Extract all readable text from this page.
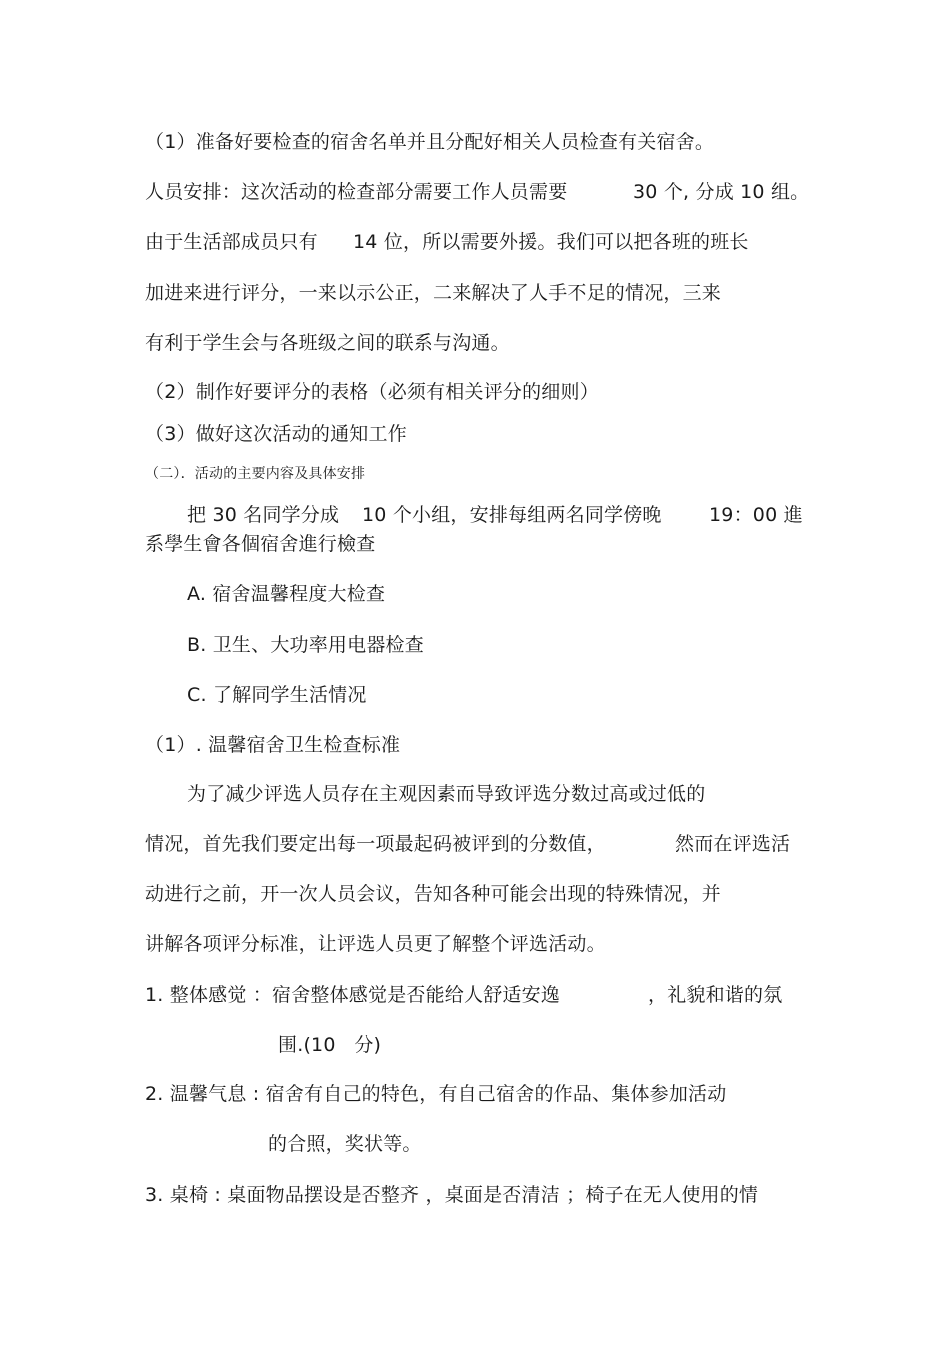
（1）准备好要检查的宿舍名单并且分配好相关人员检查有关宿舍。
人员安排：这次活动的检查部分需要工作人员需要	30 个, 分成 10 组。
由于生活部成员只有 14 位，所以需要外援。我们可以把各班的班长
加进来进行评分，一来以示公正，二来解决了人手不足的情况，三来
有利于学生会与各班级之间的联系与沟通。
（2）制作好要评分的表格（必须有相关评分的细则）
（3）做好这次活动的通知工作
（二）．活动的主要内容及具体安排
把 30 名同学分成 10 个小组，安排每组两名同学傍晚 19：00 進
系學生會各個宿舍進行檢查
A. 宿舍温馨程度大检查
B. 卫生、大功率用电器检查
C. 了解同学生活情况
（1）. 温馨宿舍卫生检查标准
为了减少评选人员存在主观因素而导致评选分数过高或过低的
情况，首先我们要定出每一项最起码被评到的分数值，	然而在评选活
动进行之前，开一次人员会议，告知各种可能会出现的特殊情况，并
讲解各项评分标准，让评选人员更了解整个评选活动。
1. 整体感觉 ：宿舍整体感觉是否能给人舒适安逸	，礼貌和谐的氛
围.(10   分)
2. 温馨气息 : 宿舍有自己的特色，有自己宿舍的作品、集体参加活动
的合照，奖状等。
3. 桌椅 : 桌面物品摆设是否整齐 ，桌面是否清洁 ；椅子在无人使用的情
